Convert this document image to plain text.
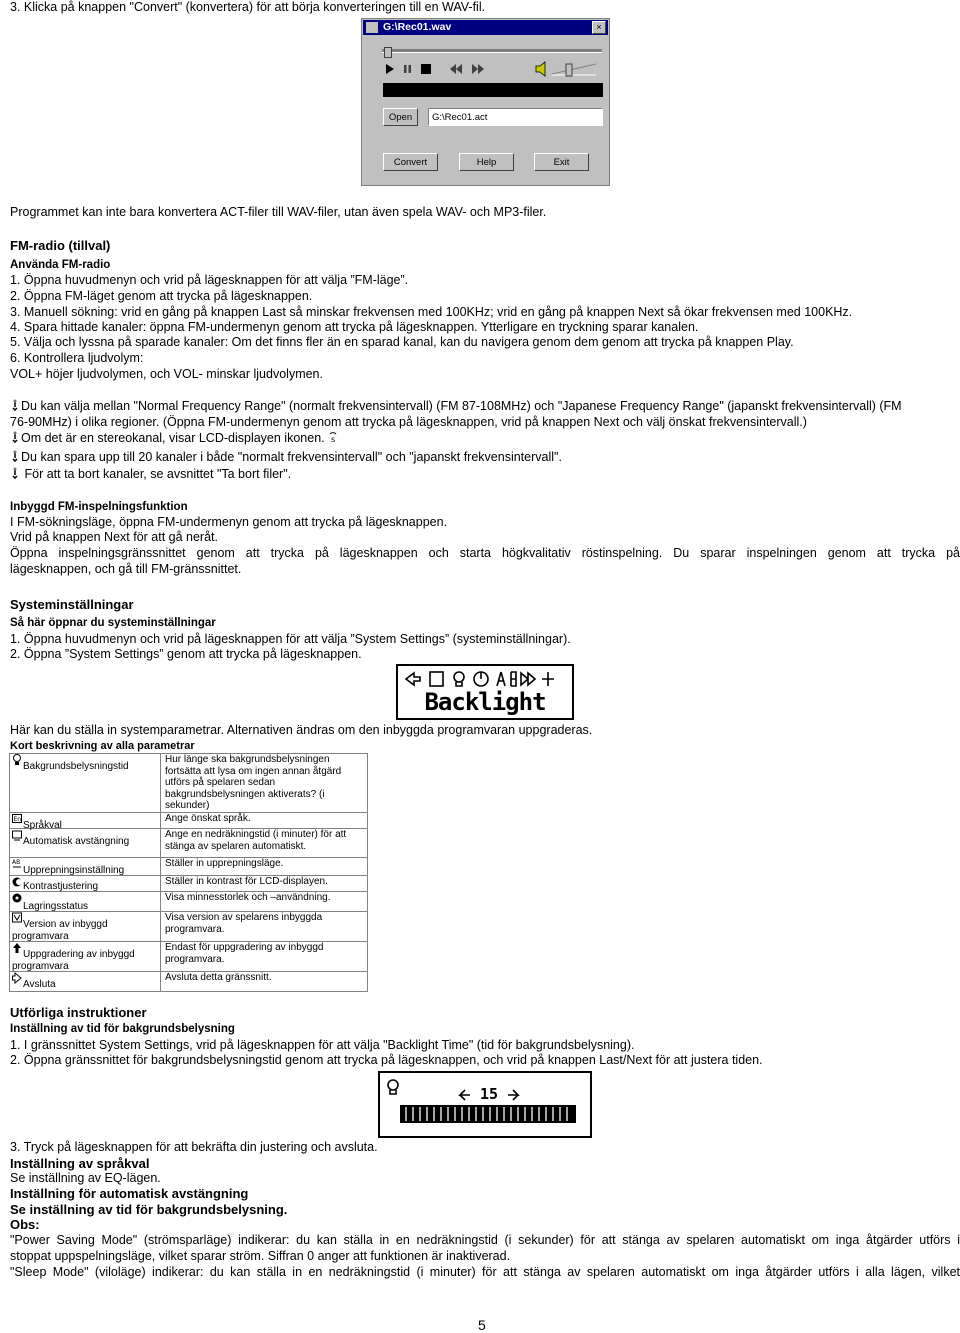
3. Klicka på knappen "Convert" (konvertera) för att börja konverteringen till en WAV-fil.
G:\Rec01.wav	×
Open	G:\Rec01.act
Convert	Help	Exit
Programmet kan inte bara konvertera ACT-filer till WAV-filer, utan även spela WAV- och MP3-filer.
FM-radio (tillval)
Använda FM-radio
1. Öppna huvudmenyn och vrid på lägesknappen för att välja ”FM-läge”.
2. Öppna FM-läget genom att trycka på lägesknappen.
3. Manuell sökning: vrid en gång på knappen Last så minskar frekvensen med 100KHz; vrid en gång på knappen Next så ökar frekvensen med 100KHz.
4. Spara hittade kanaler: öppna FM-undermenyn genom att trycka på lägesknappen. Ytterligare en tryckning sparar kanalen.
5. Välja och lyssna på sparade kanaler: Om det finns fler än en sparad kanal, kan du navigera genom dem genom att trycka på knappen Play.
6. Kontrollera ljudvolym:
VOL+ höjer ljudvolymen, och VOL- minskar ljudvolymen.
Du kan välja mellan "Normal Frequency Range" (normalt frekvensintervall) (FM 87-108MHz) och "Japanese Frequency Range" (japanskt frekvensintervall) (FM
76-90MHz) i olika regioner. (Öppna FM-undermenyn genom att trycka på lägesknappen, vrid på knappen Next och välj önskat frekvensintervall.)
Om det är en stereokanal, visar LCD-displayen ikonen. s
Du kan spara upp till 20 kanaler i både "normalt frekvensintervall" och "japanskt frekvensintervall".
För att ta bort kanaler, se avsnittet "Ta bort filer".
Inbyggd FM-inspelningsfunktion
I FM-sökningsläge, öppna FM-undermenyn genom att trycka på lägesknappen.
Vrid på knappen Next för att gå neråt.
Öppna inspelningsgränssnittet genom att trycka på lägesknappen och starta högkvalitativ röstinspelning. Du sparar inspelningen genom att trycka på
lägesknappen, och gå till FM-gränssnittet.
Systeminställningar
Så här öppnar du systeminställningar
1. Öppna huvudmenyn och vrid på lägesknappen för att välja ”System Settings” (systeminställningar).
2. Öppna ”System Settings” genom att trycka på lägesknappen.
Backlight
Här kan du ställa in systemparametrar. Alternativen ändras om den inbyggda programvaran uppgraderas.
Kort beskrivning av alla parametrar
Bakgrundsbelysningstid	Hur länge ska bakgrundsbelysningen fortsätta att lysa om ingen annan åtgärd utförs på spelaren sedan bakgrundsbelysningen aktiverats? (i sekunder)

En
Språkval	Ange önskat språk.

Automatisk avstängning	Ange en nedräkningstid (i minuter) för att stänga av spelaren automatiskt.

AB
Upprepningsinställning	Ställer in upprepningsläge.

Kontrastjustering	Ställer in kontrast för LCD-displayen.

Lagringsstatus	Visa minnesstorlek och –användning.

Version av inbyggd programvara	Visa version av spelarens inbyggda programvara.

Uppgradering av inbyggd programvara	Endast för uppgradering av inbyggd programvara.

Avsluta	Avsluta detta gränssnitt.
Utförliga instruktioner
Inställning av tid för bakgrundsbelysning
1. I gränssnittet System Settings, vrid på lägesknappen för att välja "Backlight Time" (tid för bakgrundsbelysning).
2. Öppna gränssnittet för bakgrundsbelysningstid genom att trycka på lägesknappen, och vrid på knappen Last/Next för att justera tiden.
15
3. Tryck på lägesknappen för att bekräfta din justering och avsluta.
Inställning av språkval
Se inställning av EQ-lägen.
Inställning för automatisk avstängning
Se inställning av tid för bakgrundsbelysning.
Obs:
"Power Saving Mode" (strömsparläge) indikerar: du kan ställa in en nedräkningstid (i sekunder) för att stänga av spelaren automatiskt om inga åtgärder utförs i
stoppat uppspelningsläge, vilket sparar ström. Siffran 0 anger att funktionen är inaktiverad.
"Sleep Mode" (viloläge) indikerar: du kan ställa in en nedräkningstid (i minuter) för att stänga av spelaren automatiskt om inga åtgärder utförs i alla lägen, vilket
5
